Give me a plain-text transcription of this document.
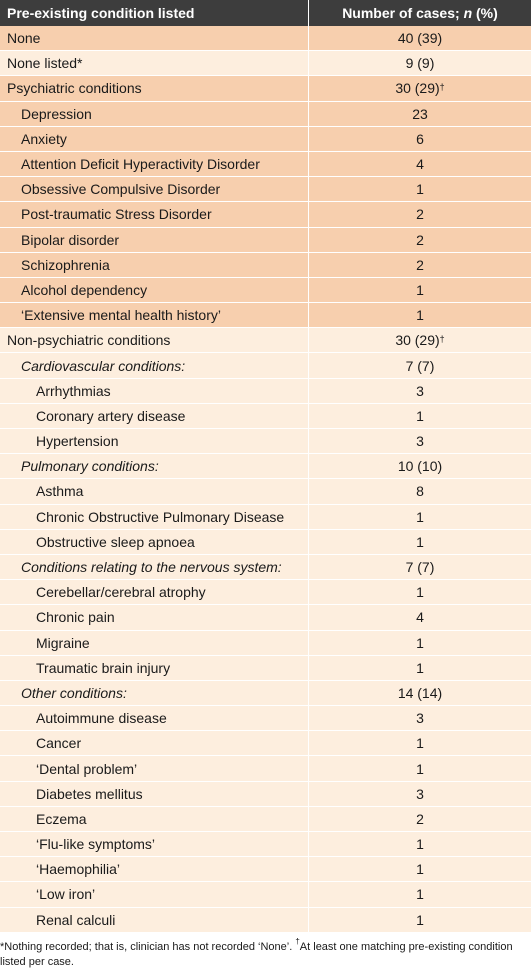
Pre-existing condition listed	Number of cases; n (%)
None	40 (39)
None listed*	9 (9)
Psychiatric conditions	30 (29)†
Depression	23
Anxiety	6
Attention Deficit Hyperactivity Disorder	4
Obsessive Compulsive Disorder	1
Post-traumatic Stress Disorder	2
Bipolar disorder	2
Schizophrenia	2
Alcohol dependency	1
‘Extensive mental health history’	1
Non-psychiatric conditions	30 (29)†
Cardiovascular conditions:	7 (7)
Arrhythmias	3
Coronary artery disease	1
Hypertension	3
Pulmonary conditions:	10 (10)
Asthma	8
Chronic Obstructive Pulmonary Disease	1
Obstructive sleep apnoea	1
Conditions relating to the nervous system:	7 (7)
Cerebellar/cerebral atrophy	1
Chronic pain	4
Migraine	1
Traumatic brain injury	1
Other conditions:	14 (14)
Autoimmune disease	3
Cancer	1
‘Dental problem’	1
Diabetes mellitus	3
Eczema	2
‘Flu-like symptoms’	1
‘Haemophilia’	1
‘Low iron’	1
Renal calculi	1
*Nothing recorded; that is, clinician has not recorded ‘None’. †At least one matching pre-existing condition listed per case.
